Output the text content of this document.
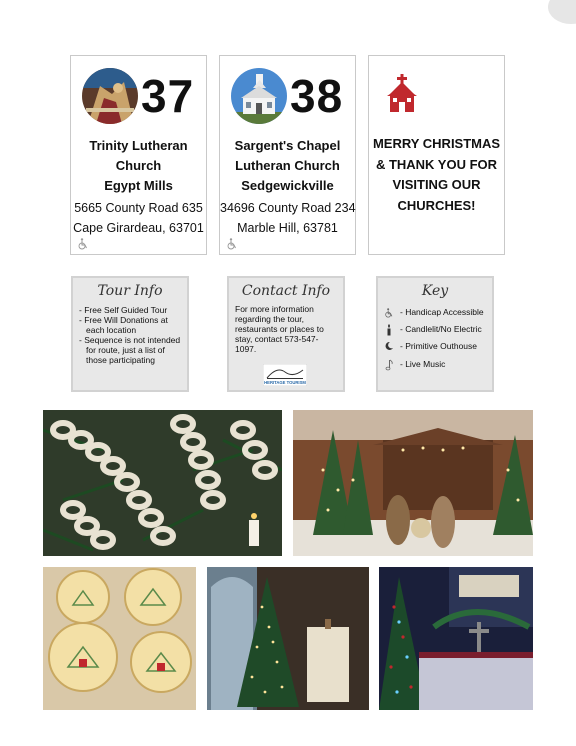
37
Trinity Lutheran
Church
Egypt Mills
5665 County Road 635
Cape Girardeau, 63701
38
Sargent's Chapel
Lutheran Church
Sedgewickville
34696 County Road 234
Marble Hill, 63781
MERRY CHRISTMAS
& THANK YOU FOR
VISITING OUR
CHURCHES!
Tour Info
- Free Self Guided Tour
- Free Will Donations at each location
- Sequence is not intended for route, just a list of those participating
Contact Info
For more information regarding the tour, restaurants or places to stay, contact 573-547-1097.
HERITAGE TOURISM
Key
- Handicap Accessible
- Candlelit/No Electric
- Primitive Outhouse
- Live Music
